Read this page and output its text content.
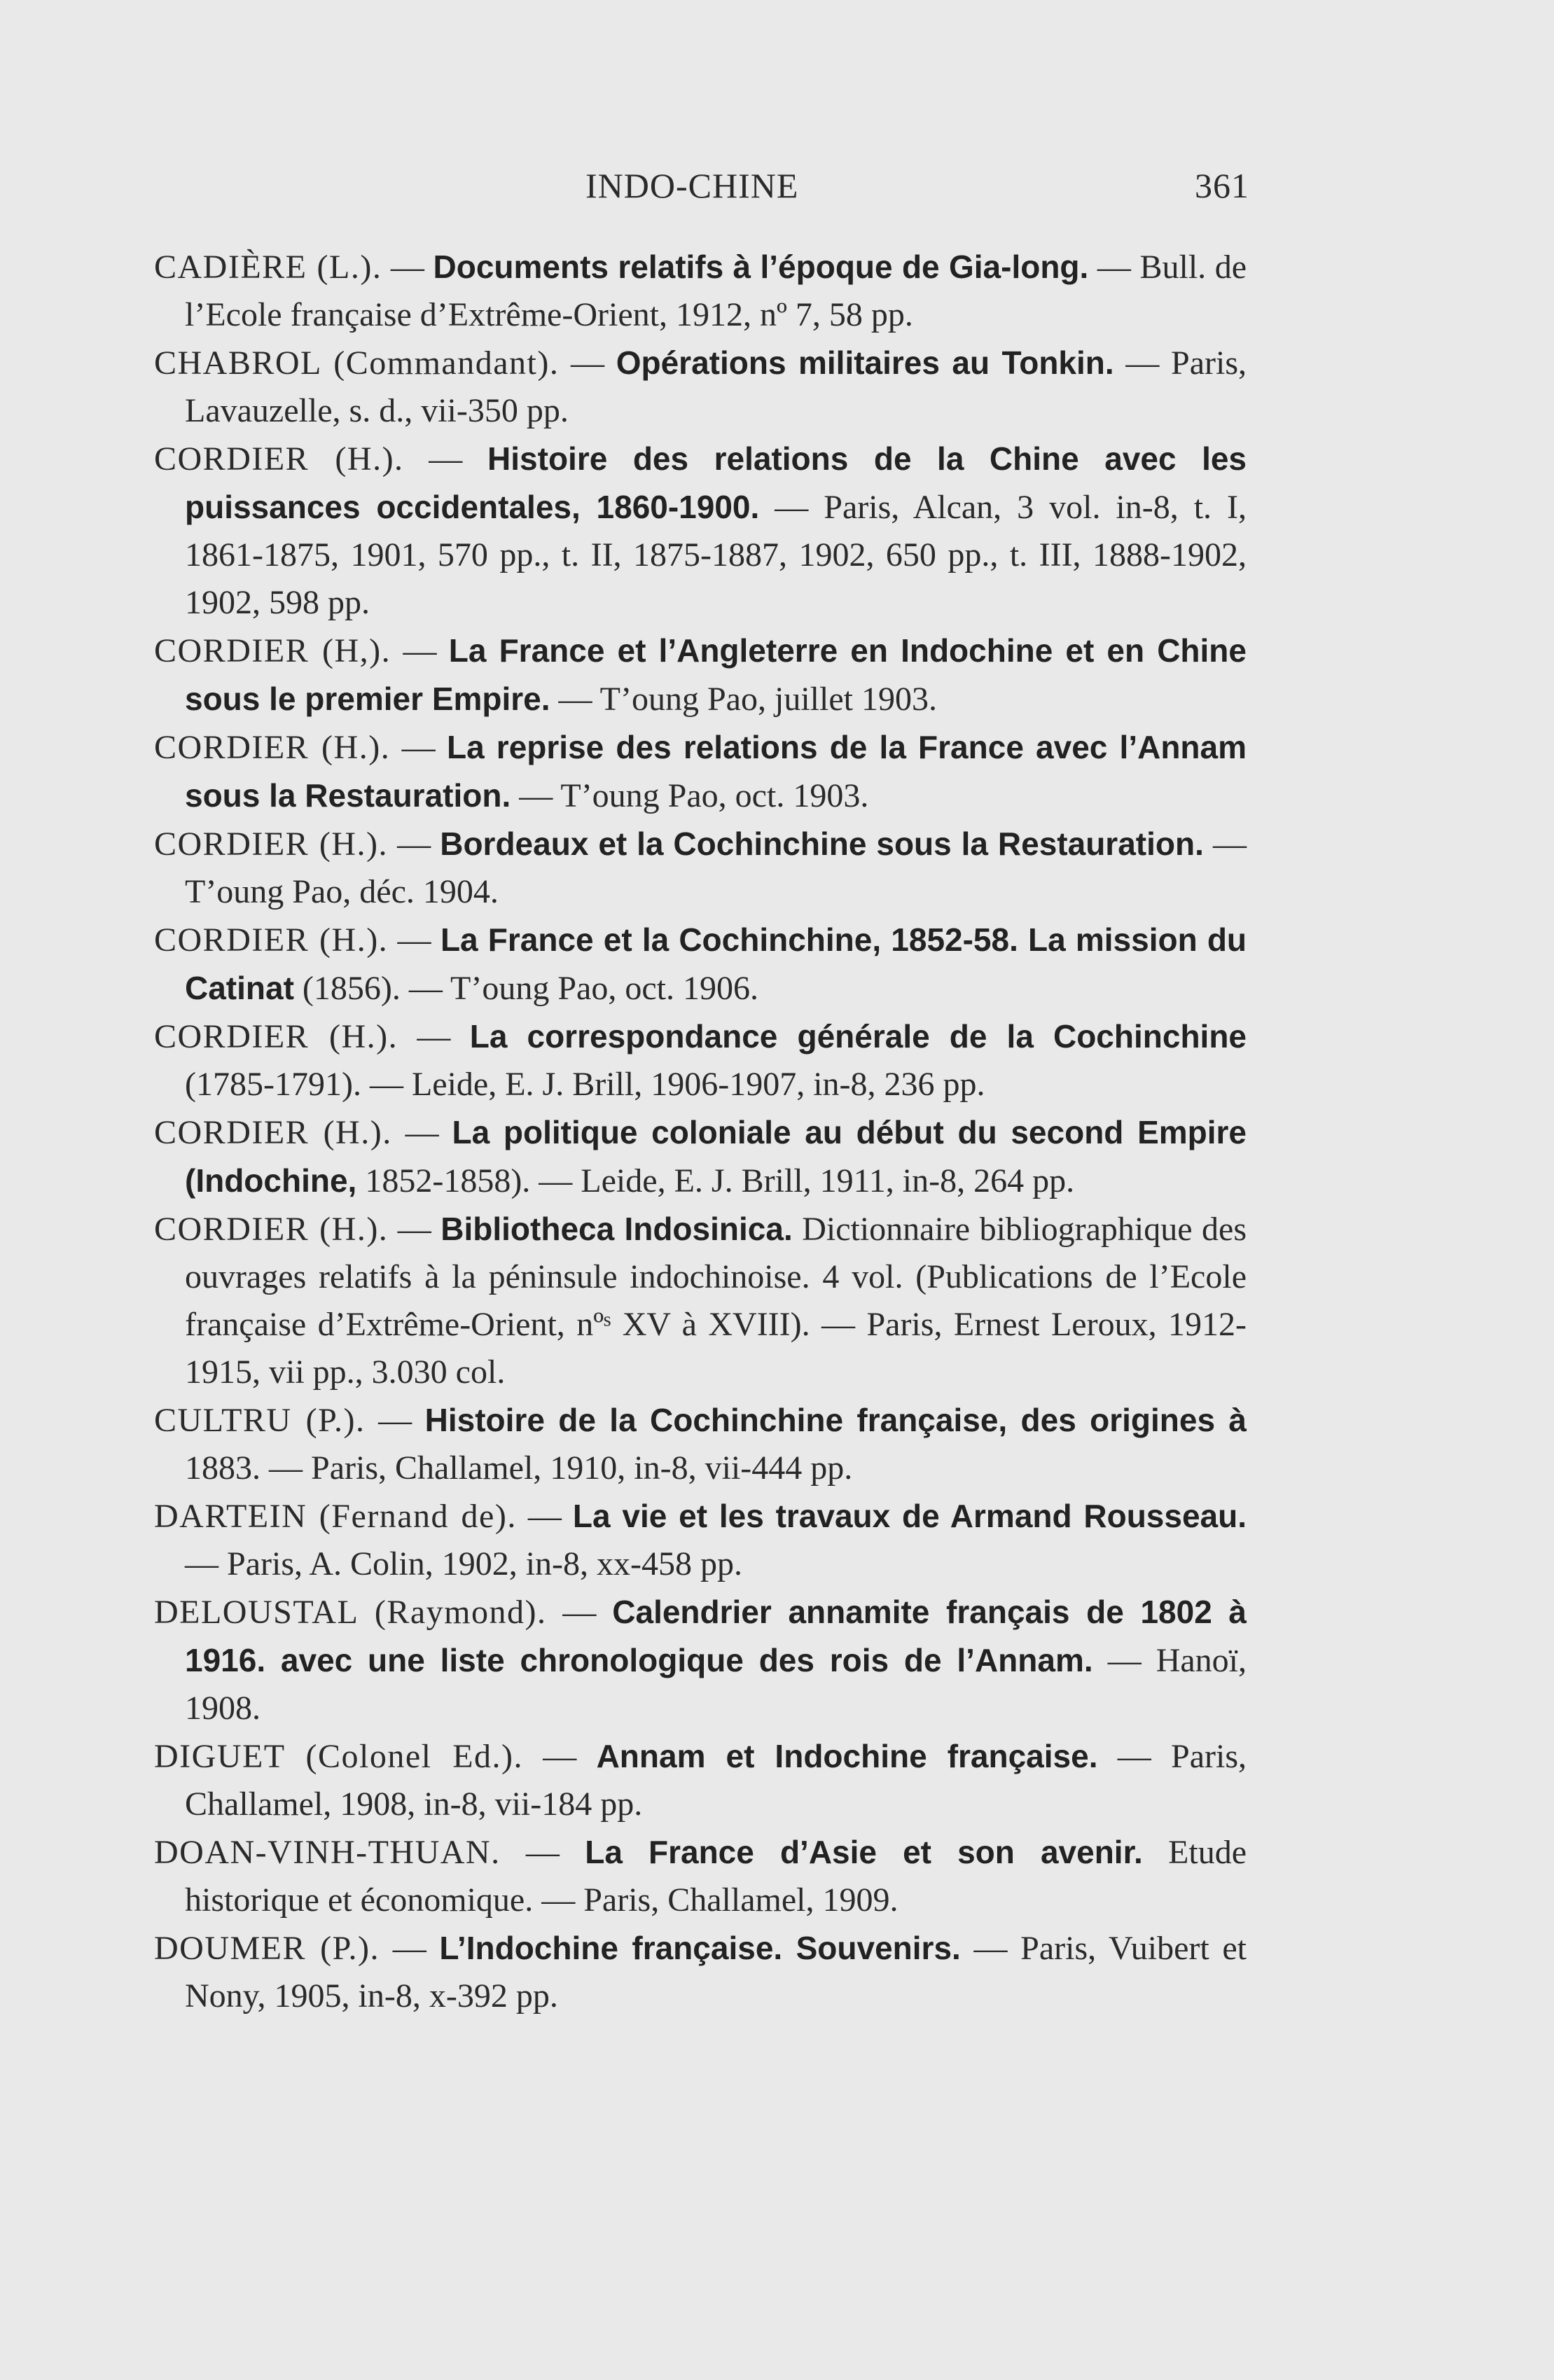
INDO-CHINE	361

CADIÈRE (L.). — Documents relatifs à l’époque de Gia-long. — Bull. de l’Ecole française d’Extrême-Orient, 1912, nº 7, 58 pp.

CHABROL (Commandant). — Opérations militaires au Tonkin. — Paris, Lavauzelle, s. d., vii-350 pp.

CORDIER (H.). — Histoire des relations de la Chine avec les puissances occidentales, 1860-1900. — Paris, Alcan, 3 vol. in-8, t. I, 1861-1875, 1901, 570 pp., t. II, 1875-1887, 1902, 650 pp., t. III, 1888-1902, 1902, 598 pp.

CORDIER (H,). — La France et l’Angleterre en Indochine et en Chine sous le premier Empire. — T’oung Pao, juillet 1903.

CORDIER (H.). — La reprise des relations de la France avec l’Annam sous la Restauration. — T’oung Pao, oct. 1903.

CORDIER (H.). — Bordeaux et la Cochinchine sous la Restauration. — T’oung Pao, déc. 1904.

CORDIER (H.). — La France et la Cochinchine, 1852-58. La mission du Catinat (1856). — T’oung Pao, oct. 1906.

CORDIER (H.). — La correspondance générale de la Cochinchine (1785-1791). — Leide, E. J. Brill, 1906-1907, in-8, 236 pp.

CORDIER (H.). — La politique coloniale au début du second Empire (Indochine, 1852-1858). — Leide, E. J. Brill, 1911, in-8, 264 pp.

CORDIER (H.). — Bibliotheca Indosinica. Dictionnaire bibliographique des ouvrages relatifs à la péninsule indochinoise. 4 vol. (Publications de l’Ecole française d’Extrême-Orient, nºˢ XV à XVIII). — Paris, Ernest Leroux, 1912-1915, vii pp., 3.030 col.

CULTRU (P.). — Histoire de la Cochinchine française, des origines à 1883. — Paris, Challamel, 1910, in-8, vii-444 pp.

DARTEIN (Fernand de). — La vie et les travaux de Armand Rousseau. — Paris, A. Colin, 1902, in-8, xx-458 pp.

DELOUSTAL (Raymond). — Calendrier annamite français de 1802 à 1916. avec une liste chronologique des rois de l’Annam. — Hanoï, 1908.

DIGUET (Colonel Ed.). — Annam et Indochine française. — Paris, Challamel, 1908, in-8, vii-184 pp.

DOAN-VINH-THUAN. — La France d’Asie et son avenir. Etude historique et économique. — Paris, Challamel, 1909.

DOUMER (P.). — L’Indochine française. Souvenirs. — Paris, Vuibert et Nony, 1905, in-8, x-392 pp.
